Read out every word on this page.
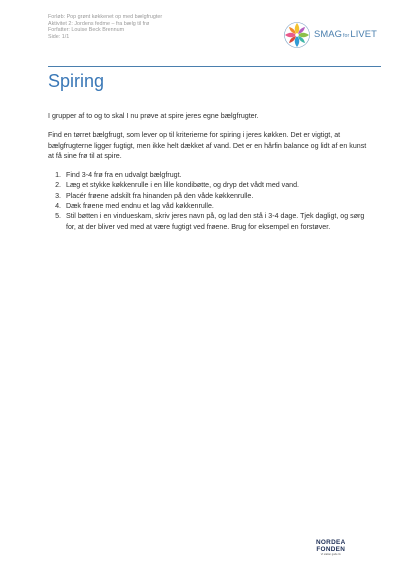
Forløb: Pop grønt køkkenet op med bælgfrugter
Aktivitet 2: Jordens fedme – fra bælg til frø
Forfatter: Louise Beck Brennum
Side: 1/1	SMAGforLIVET
Spiring

I grupper af to og to skal I nu prøve at spire jeres egne bælgfrugter.

Find en tørret bælgfrugt, som lever op til kriterierne for spiring i jeres køkken. Det er vigtigt, at bælgfrugterne ligger fugtigt, men ikke helt dækket af vand. Det er en hårfin balance og lidt af en kunst at få sine frø til at spire.

1. Find 3-4 frø fra en udvalgt bælgfrugt.
2. Læg et stykke køkkenrulle i en lille kondibøtte, og dryp det vådt med vand.
3. Placér frøene adskilt fra hinanden på den våde køkkenrulle.
4. Dæk frøene med endnu et lag våd køkkenrulle.
5. Stil bøtten i en vindueskam, skriv jeres navn på, og lad den stå i 3-4 dage. Tjek dagligt, og sørg for, at der bliver ved med at være fugtigt ved frøene. Brug for eksempel en forstøver.
NORDEA
FONDEN
Vi støtter gode liv
